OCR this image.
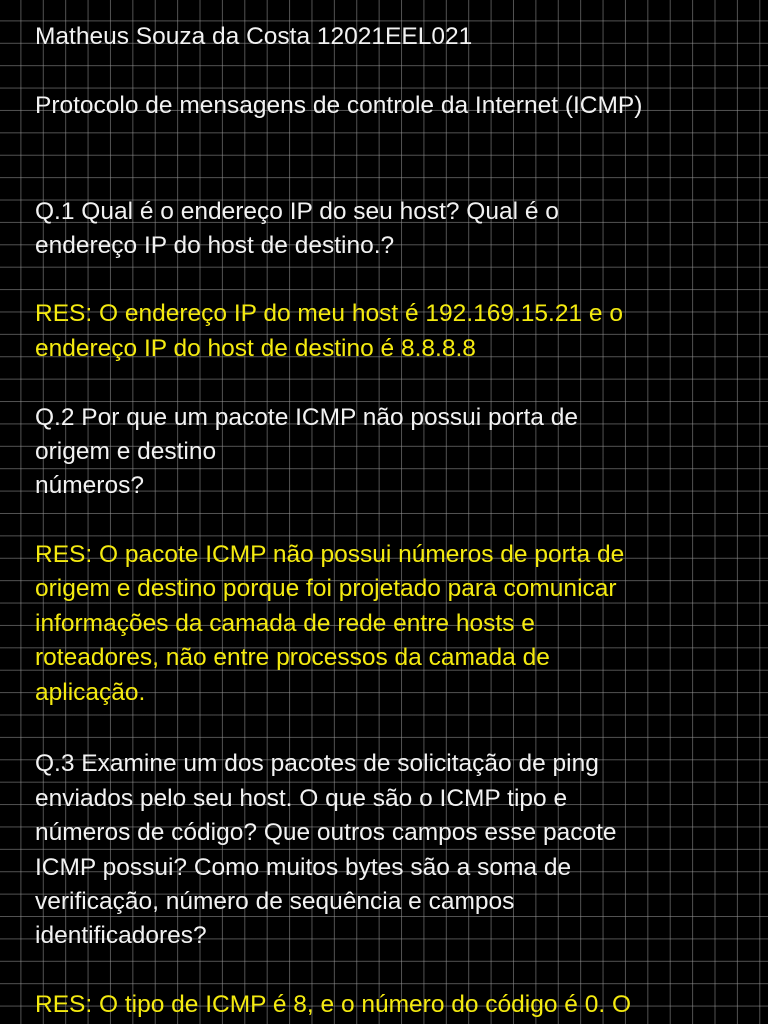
Matheus Souza da Costa 12021EEL021
Protocolo de mensagens de controle da Internet (ICMP)
Q.1 Qual é o endereço IP do seu host? Qual é o
endereço IP do host de destino.?
RES: O endereço IP do meu host é 192.169.15.21 e o
endereço IP do host de destino é 8.8.8.8
Q.2 Por que um pacote ICMP não possui porta de
origem e destino
números?
RES: O pacote ICMP não possui números de porta de
origem e destino porque foi projetado para comunicar
informações da camada de rede entre hosts e
roteadores, não entre processos da camada de
aplicação.
Q.3 Examine um dos pacotes de solicitação de ping
enviados pelo seu host. O que são o ICMP tipo e
números de código? Que outros campos esse pacote
ICMP possui? Como muitos bytes são a soma de
verificação, número de sequência e campos
identificadores?
RES: O tipo de ICMP é 8, e o número do código é 0. O
